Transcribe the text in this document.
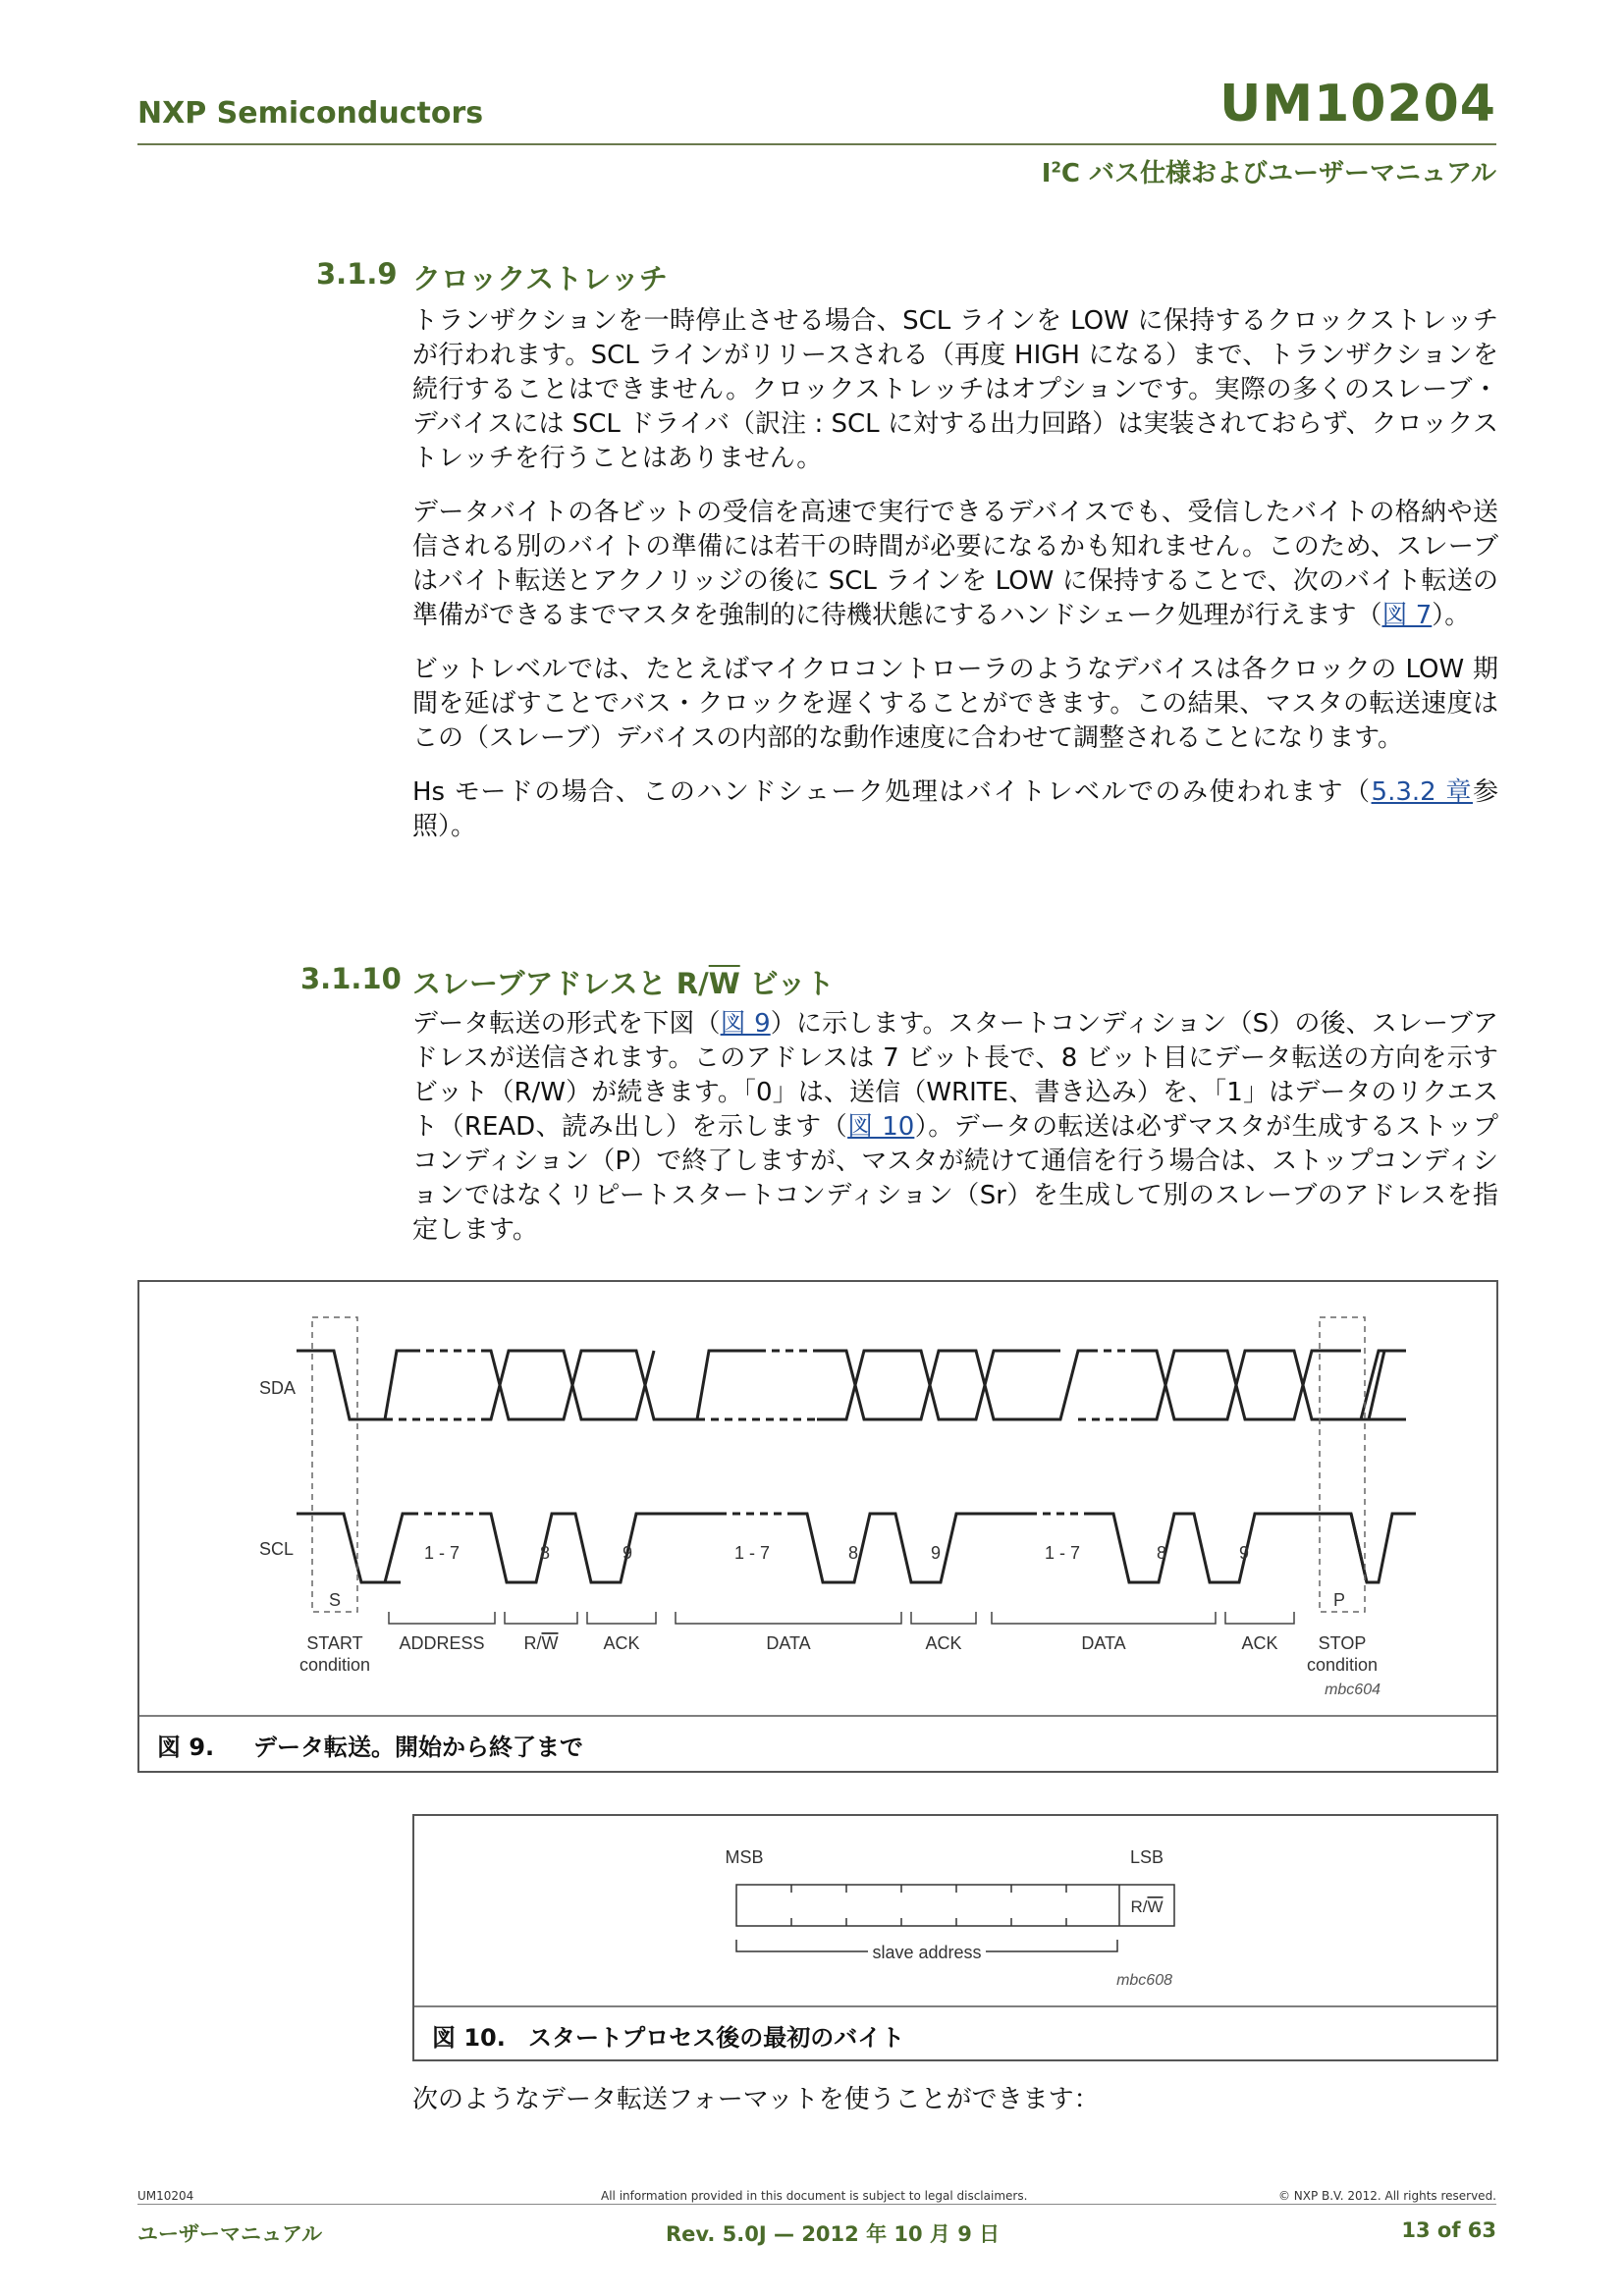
NXP Semiconductors	UM10204
$I^2C$ バス仕様およびユーザーマニュアル
3.1.9 クロックストレッチ

トランザクションを一時停止させる場合、SCL ラインを LOW に保持するクロックストレッチが行われます。SCL ラインがリリースされる（再度 HIGH になる）まで、トランザクションを続行することはできません。クロックストレッチはオプションです。実際の多くのスレーブ・デバイスには SCL ドライバ（訳注 : SCL に対する出力回路）は実装されておらず、クロックストレッチを行うことはありません。

データバイトの各ビットの受信を高速で実行できるデバイスでも、受信したバイトの格納や送信される別のバイトの準備には若干の時間が必要になるかも知れません。このため、スレーブはバイト転送とアクノリッジの後に SCL ラインを LOW に保持することで、次のバイト転送の準備ができるまでマスタを強制的に待機状態にするハンドシェーク処理が行えます（図 7）。

ビットレベルでは、たとえばマイクロコントローラのようなデバイスは各クロックの LOW 期間を延ばすことでバス・クロックを遅くすることができます。この結果、マスタの転送速度はこの（スレーブ）デバイスの内部的な動作速度に合わせて調整されることになります。

Hs モードの場合、このハンドシェーク処理はバイトレベルでのみ使われます（5.3.2 章参照）。

3.1.10 スレーブアドレスと $R/\overline{W}$ ビット

データ転送の形式を下図（図 9）に示します。スタートコンディション（S）の後、スレーブアドレスが送信されます。このアドレスは 7 ビット長で、8 ビット目にデータ転送の方向を示すビット（R/W）が続きます。「0」は、送信（WRITE、書き込み）を、「1」はデータのリクエスト（READ、読み出し）を示します（図 10）。データの転送は必ずマスタが生成するストップコンディション（P）で終了しますが、マスタが続けて通信を行う場合は、ストップコンディションではなくリピートスタートコンディション（Sr）を生成して別のスレーブのアドレスを指定します。

SDA
SCL	1 - 7	8	9	1 - 7	8	9	1 - 7	8	9
S	P
START
condition
ADDRESS R/W	ACK	DATA	ACK	DATA	ACK STOP
condition
mbc604
図 9. データ転送。開始から終了まで
MSB	LSB
R/W
slave address
mbc608
図 10. スタートプロセス後の最初のバイト
次のようなデータ転送フォーマットを使うことができます：
UM10204	All information provided in this document is subject to legal disclaimers.	© NXP B.V. 2012. All rights reserved.
ユーザーマニュアル	Rev. 5.0J — 2012 年 10 月 9 日	13 of 63
